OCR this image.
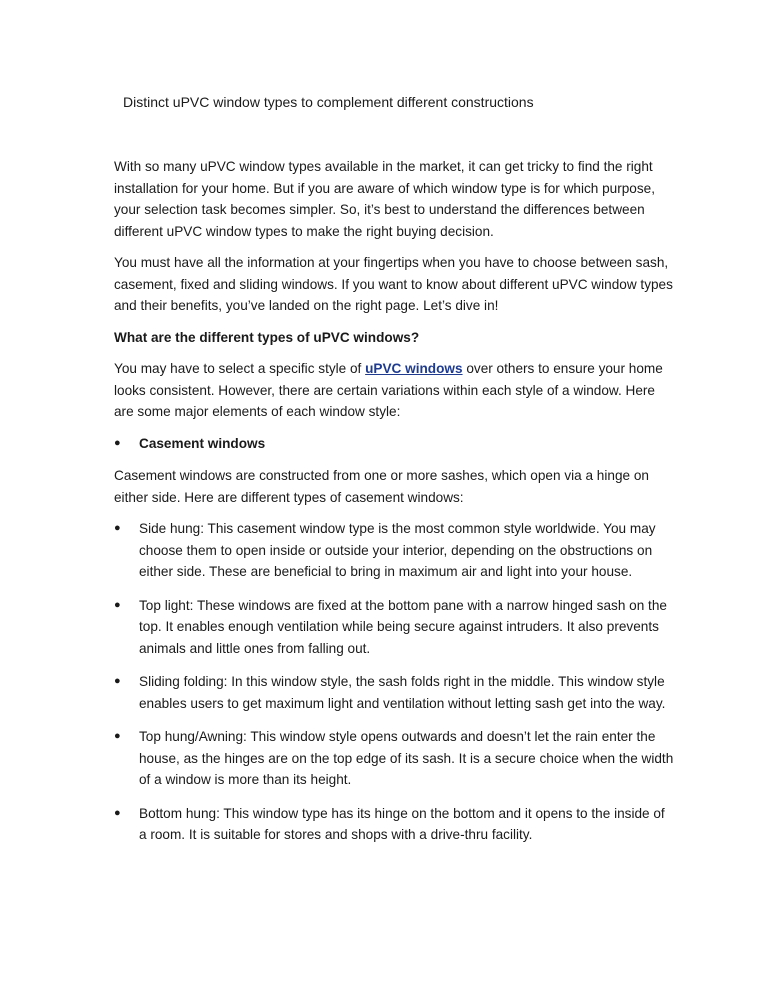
Distinct uPVC window types to complement different constructions

With so many uPVC window types available in the market, it can get tricky to find the right installation for your home. But if you are aware of which window type is for which purpose, your selection task becomes simpler. So, it’s best to understand the differences between different uPVC window types to make the right buying decision.

You must have all the information at your fingertips when you have to choose between sash, casement, fixed and sliding windows. If you want to know about different uPVC window types and their benefits, you’ve landed on the right page. Let’s dive in!

What are the different types of uPVC windows?

You may have to select a specific style of uPVC windows over others to ensure your home looks consistent. However, there are certain variations within each style of a window. Here are some major elements of each window style:

● Casement windows

Casement windows are constructed from one or more sashes, which open via a hinge on either side. Here are different types of casement windows:

● Side hung: This casement window type is the most common style worldwide. You may choose them to open inside or outside your interior, depending on the obstructions on either side. These are beneficial to bring in maximum air and light into your house.
● Top light: These windows are fixed at the bottom pane with a narrow hinged sash on the top. It enables enough ventilation while being secure against intruders. It also prevents animals and little ones from falling out.
● Sliding folding: In this window style, the sash folds right in the middle. This window style enables users to get maximum light and ventilation without letting sash get into the way.
● Top hung/Awning: This window style opens outwards and doesn’t let the rain enter the house, as the hinges are on the top edge of its sash. It is a secure choice when the width of a window is more than its height.
● Bottom hung: This window type has its hinge on the bottom and it opens to the inside of a room. It is suitable for stores and shops with a drive-thru facility.
